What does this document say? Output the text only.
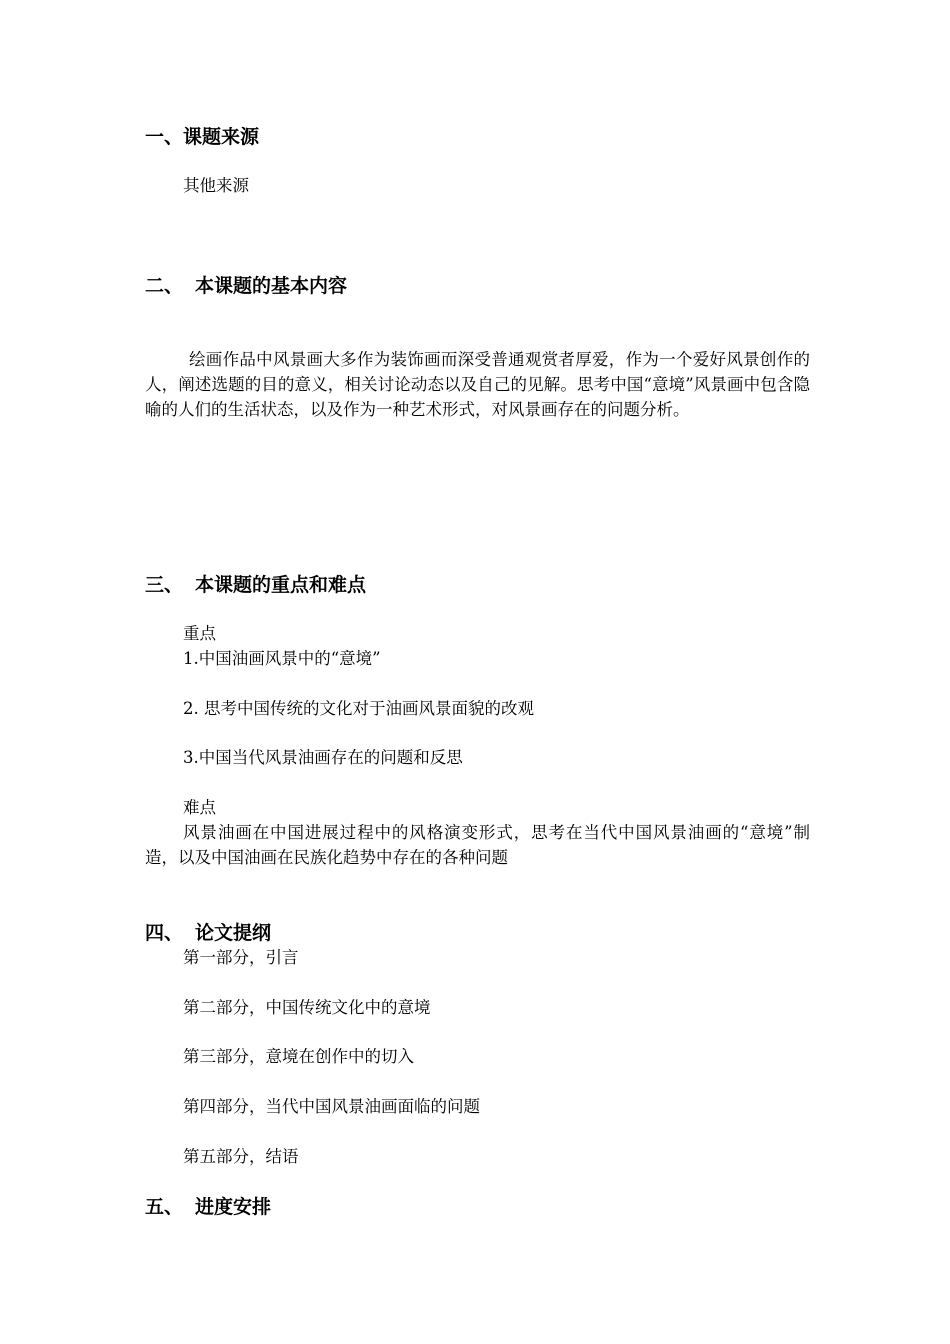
一、课题来源
其他来源
二、 本课题的基本内容
绘画作品中风景画大多作为装饰画而深受普通观赏者厚爱，作为一个爱好风景创作的人，阐述选题的目的意义，相关讨论动态以及自己的见解。思考中国“意境”风景画中包含隐喻的人们的生活状态，以及作为一种艺术形式，对风景画存在的问题分析。
三、 本课题的重点和难点
重点
1.中国油画风景中的“意境”
2. 思考中国传统的文化对于油画风景面貌的改观
3.中国当代风景油画存在的问题和反思
难点
风景油画在中国进展过程中的风格演变形式，思考在当代中国风景油画的“意境”制造，以及中国油画在民族化趋势中存在的各种问题
四、 论文提纲
第一部分，引言
第二部分，中国传统文化中的意境
第三部分，意境在创作中的切入
第四部分，当代中国风景油画面临的问题
第五部分，结语
五、 进度安排
